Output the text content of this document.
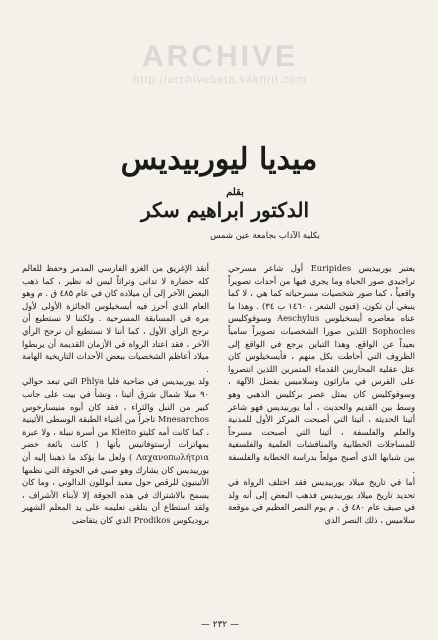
ARCHIVE
http://archivebeta.sakhrit.com
ميديا ليوربيديس
بقلم
الدكتور ابراهيم سكر
بكلية الآداب بجامعة عين شمس

يعتبر يوربيديس Euripides أول شاعر مسرحي تراجيدي صور الحياة وما يجري فيها من أحداث تصويراً واقعياً ، كما صور شخصيات مسرحياته كما هي ، لا كما ينبغي أن تكون. (فنون الشعر ، ١٤٦٠ ب ٣٤) . وهذا ما عناه معاصره أيسخيلوس Aeschylus وسوفوكليس Sophocles اللذين صورا الشخصيات تصويراً سامياً بعيداً عن الواقع. وهذا التباين يرجع في الواقع إلى الظروف التي أحاطت بكل منهم ، فأيسخيلوس كان عثل عقلية المحاربين القدماء المتمرين اللذين انتصروا على الفرس في ماراثون وسلاميس بفضل الآلهة ، وسوفوكليس كان يمثل عصر بركليس الذهبي وهو وسط بين القديم والحديث ، أما يوربيديس فهو شاعر أثينا الحديثة ، أثينا التي أصبحت المركز الأول للمدنية والعلم والفلسفة ، أثينا التي أصبحت مسرحاً للمساجلات الخطابية والمناقشات العلمية والفلسفية بين شبابها الذي أصبح مولعاً بدراسة الخطابة والفلسفة .

أما في تاريخ ميلاد يوربيديس فقد اختلف الرواة في تحديد تاريخ ميلاد يوربيديس فذهب البعض إلى أنه ولد في صيف عام ٤٨٠ ق . م يوم النصر العظيم في موقعة سلاميس ، ذلك النصر الذي

أنقذ الإغريق من الغزو الفارسي المدمر وحفظ للعالم كله حضارة لا تدانى وتراثاً ليس له نظير ، كما ذهب البعض الآخر إلى أن ميلاده كان في عام ٤٨٥ ق . م وهو العام الذي أحرز فيه أيسخيلوس الجائزة الأولى لأول مرة في المسابقة المسرحية . ولكننا لا نستطيع أن نرجح الرأي الأول ، كما أننا لا نستطيع أن نرجح الرأي الآخر ، فقد اعتاد الرواة في الأزمان القديمة أن يربطوا ميلاد أعاظم الشخصيات ببعض الأحداث التاريخية الهامة .

ولد يوربيديس في ضاحية فليا Phlya التي تبعد حوالي ٩٠ ميلا شمال شرق أثينا ، ونشأ في بيت على جانب كبير من النبل والثراء ، فقد كان أبوه منيسارخوس Mnesarchos تاجراً من أغنياء الطبقة الوسطى الأثينية ، كما كانت أمه كليتو Kleito من أسرة نبيلة ، ولا عبرة بمهاترات أرستوفانيس بأنها ( كانت بائعة خضر Λαχανοπωλήτρια ) ولعل ما يؤكد ما ذهبنا إليه أن يوربيديس كان يشارك وهو صبي في الجوقة التي نظمها الأثينيون للرقص حول معبد أبوللون الدالوني ، وما كان يسمح بالاشتراك في هذه الجوقة إلا لأبناء الأشراف ، ولقد استطاع أن يتلقى تعليمه على يد المعلم الشهير بروديكوس Prodikos الذي كان يتقاضى

— ٢٣٢ —
